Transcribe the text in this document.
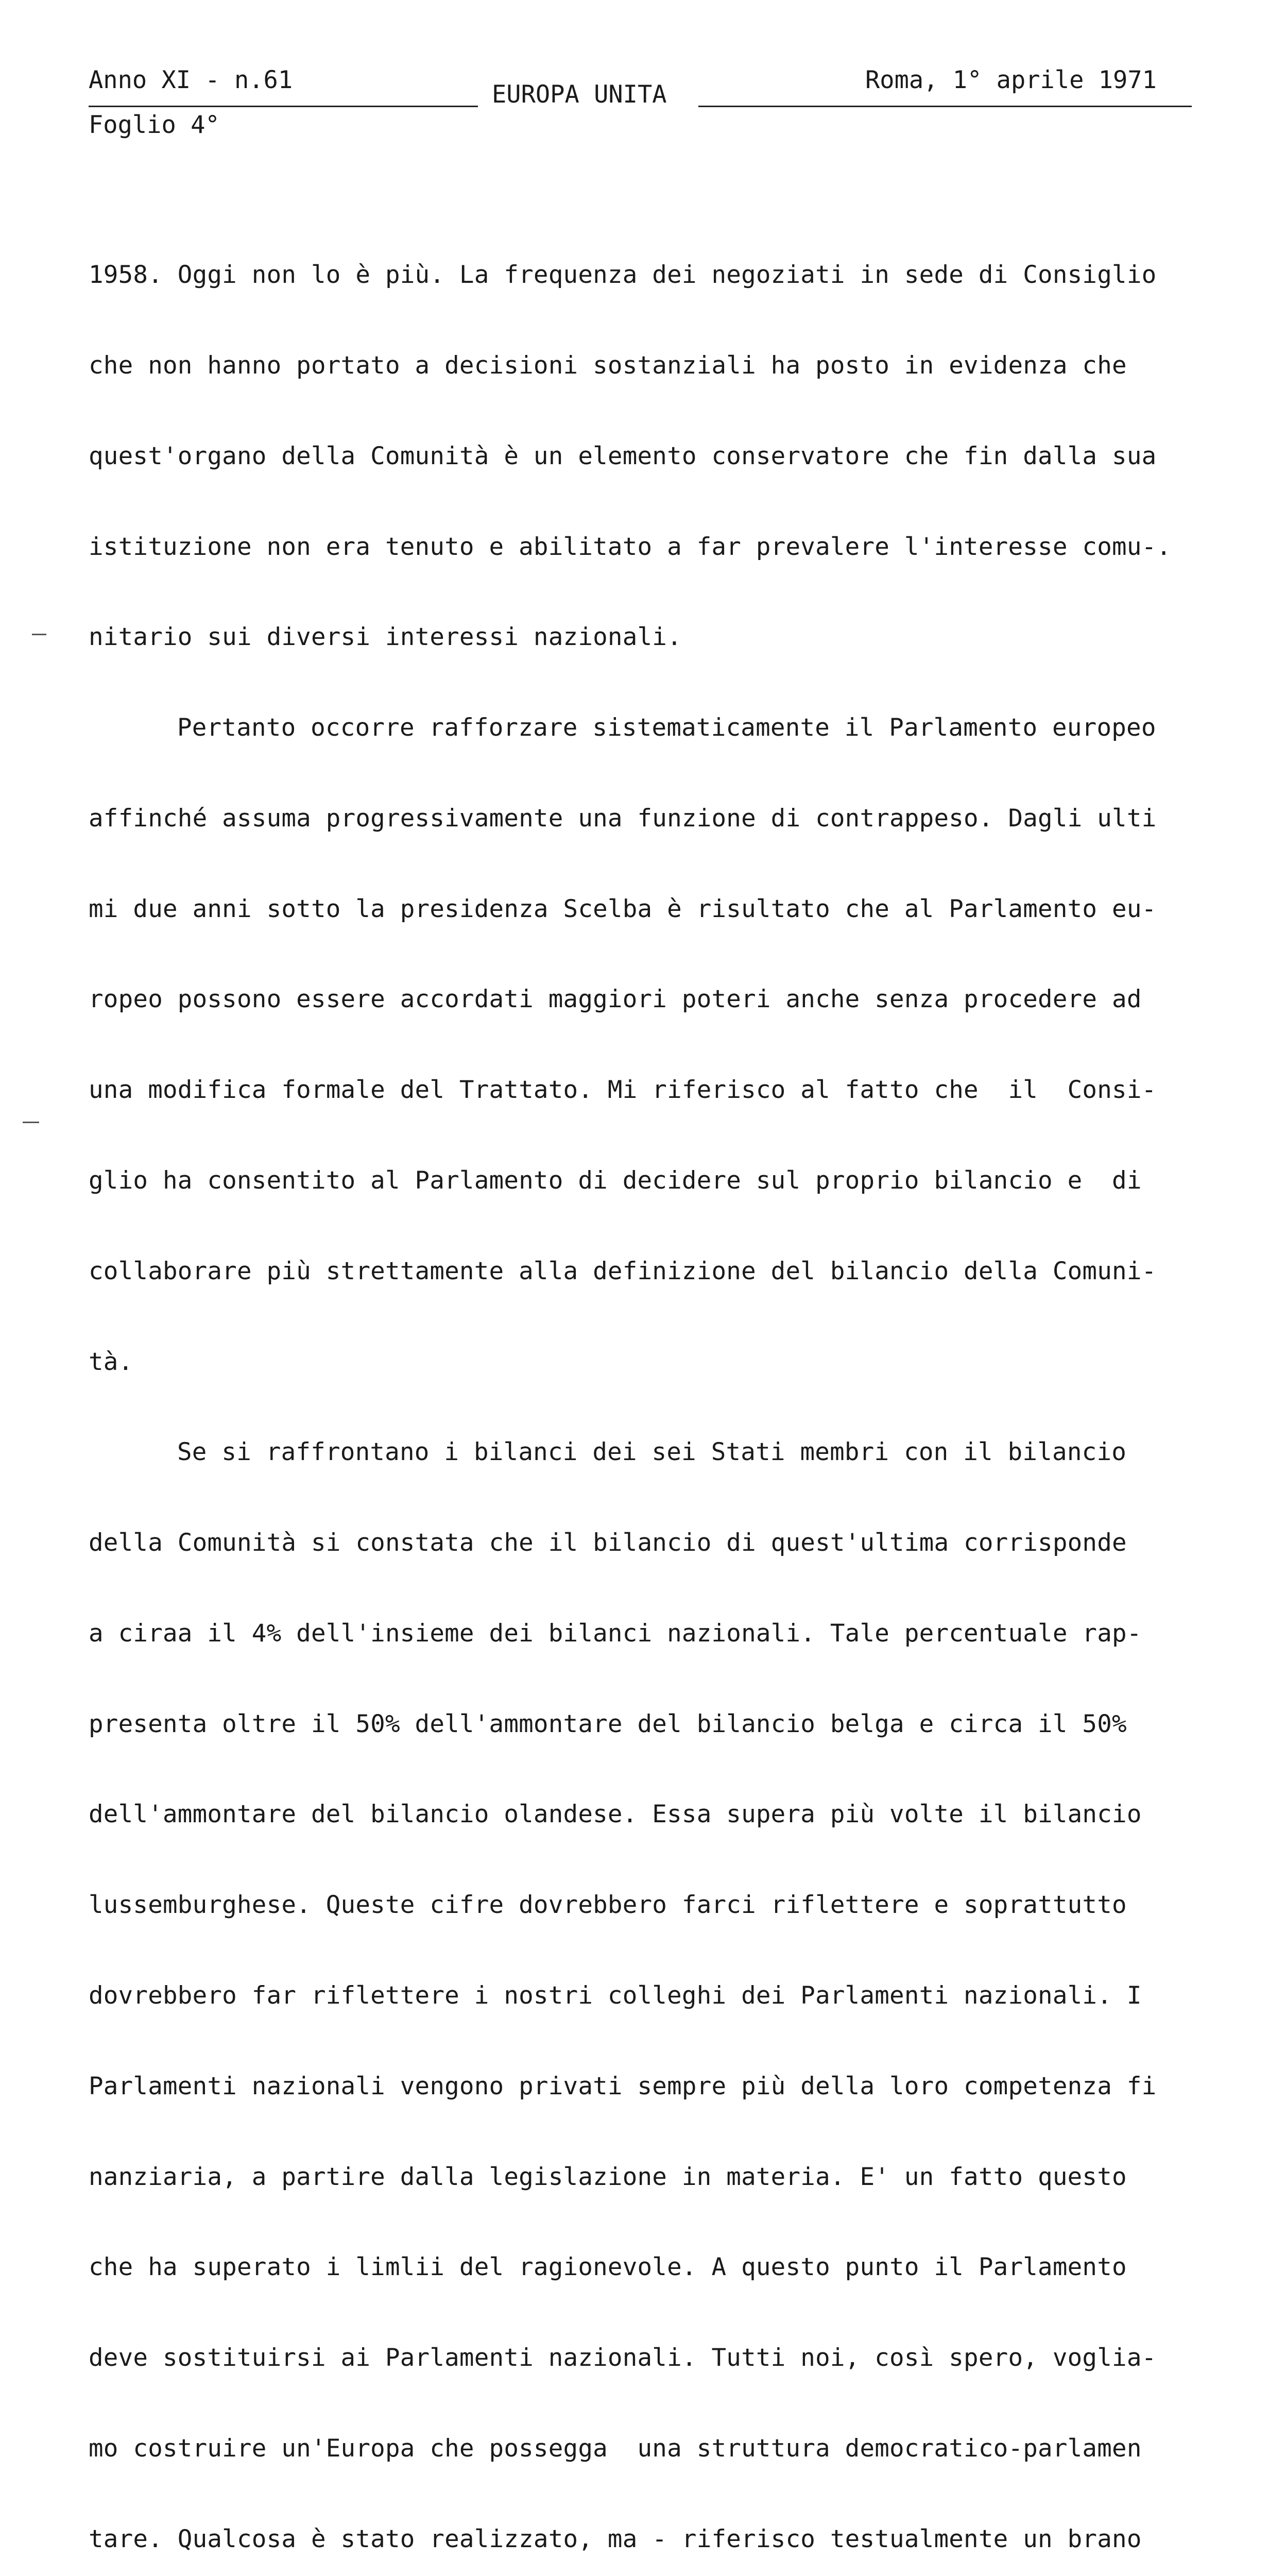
Anno XI - n.61
EUROPA UNITA
Roma, 1° aprile 1971
Foglio 4°

1958. Oggi non lo è più. La frequenza dei negoziati in sede di Consiglio

che non hanno portato a decisioni sostanziali ha posto in evidenza che

quest'organo della Comunità è un elemento conservatore che fin dalla sua

istituzione non era tenuto e abilitato a far prevalere l'interesse comu-.

nitario sui diversi interessi nazionali.

Pertanto occorre rafforzare sistematicamente il Parlamento europeo

affinché assuma progressivamente una funzione di contrappeso. Dagli ulti

mi due anni sotto la presidenza Scelba è risultato che al Parlamento eu-

ropeo possono essere accordati maggiori poteri anche senza procedere ad

una modifica formale del Trattato. Mi riferisco al fatto che  il  Consi-

glio ha consentito al Parlamento di decidere sul proprio bilancio e  di

collaborare più strettamente alla definizione del bilancio della Comuni-

tà.

Se si raffrontano i bilanci dei sei Stati membri con il bilancio

della Comunità si constata che il bilancio di quest'ultima corrisponde

a ciraa il 4% dell'insieme dei bilanci nazionali. Tale percentuale rap-

presenta oltre il 50% dell'ammontare del bilancio belga e circa il 50%

dell'ammontare del bilancio olandese. Essa supera più volte il bilancio

lussemburghese. Queste cifre dovrebbero farci riflettere e soprattutto

dovrebbero far riflettere i nostri colleghi dei Parlamenti nazionali. I

Parlamenti nazionali vengono privati sempre più della loro competenza fi

nanziaria, a partire dalla legislazione in materia. E' un fatto questo

che ha superato i limlii del ragionevole. A questo punto il Parlamento

deve sostituirsi ai Parlamenti nazionali. Tutti noi, così spero, voglia-

mo costruire un'Europa che possegga  una struttura democratico-parlamen

tare. Qualcosa è stato realizzato, ma - riferisco testualmente un brano
